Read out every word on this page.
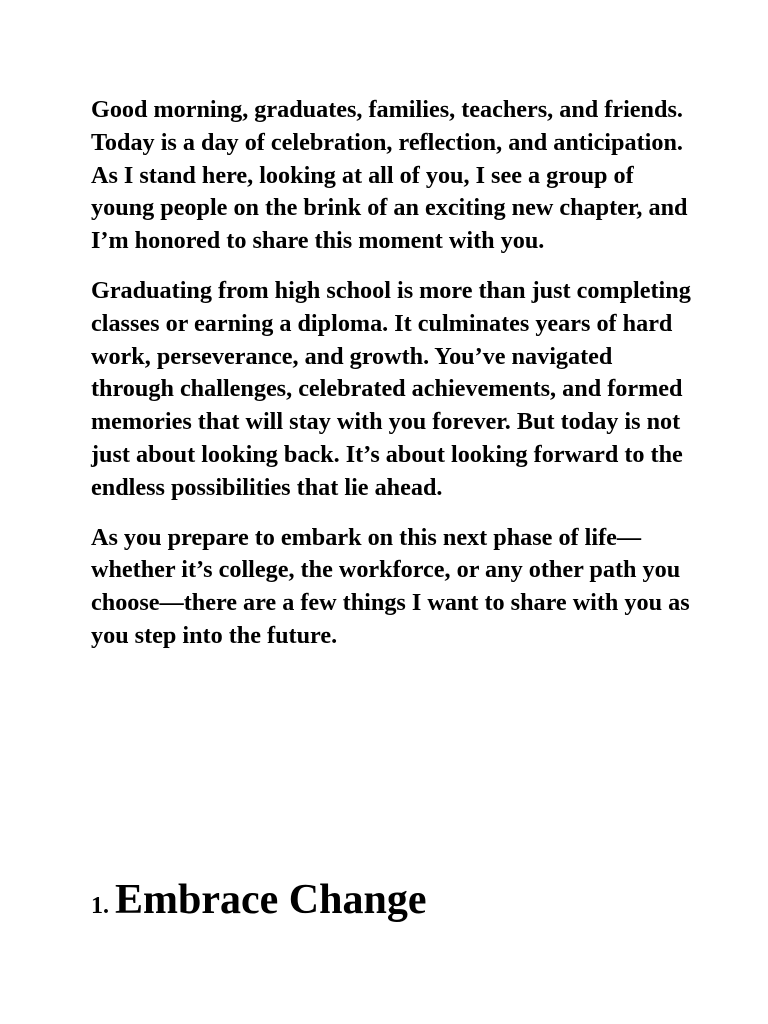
Good morning, graduates, families, teachers, and friends. Today is a day of celebration, reflection, and anticipation. As I stand here, looking at all of you, I see a group of young people on the brink of an exciting new chapter, and I’m honored to share this moment with you.

Graduating from high school is more than just completing classes or earning a diploma. It culminates years of hard work, perseverance, and growth. You’ve navigated through challenges, celebrated achievements, and formed memories that will stay with you forever. But today is not just about looking back. It’s about looking forward to the endless possibilities that lie ahead.

As you prepare to embark on this next phase of life—whether it’s college, the workforce, or any other path you choose—there are a few things I want to share with you as you step into the future.

1. Embrace Change
